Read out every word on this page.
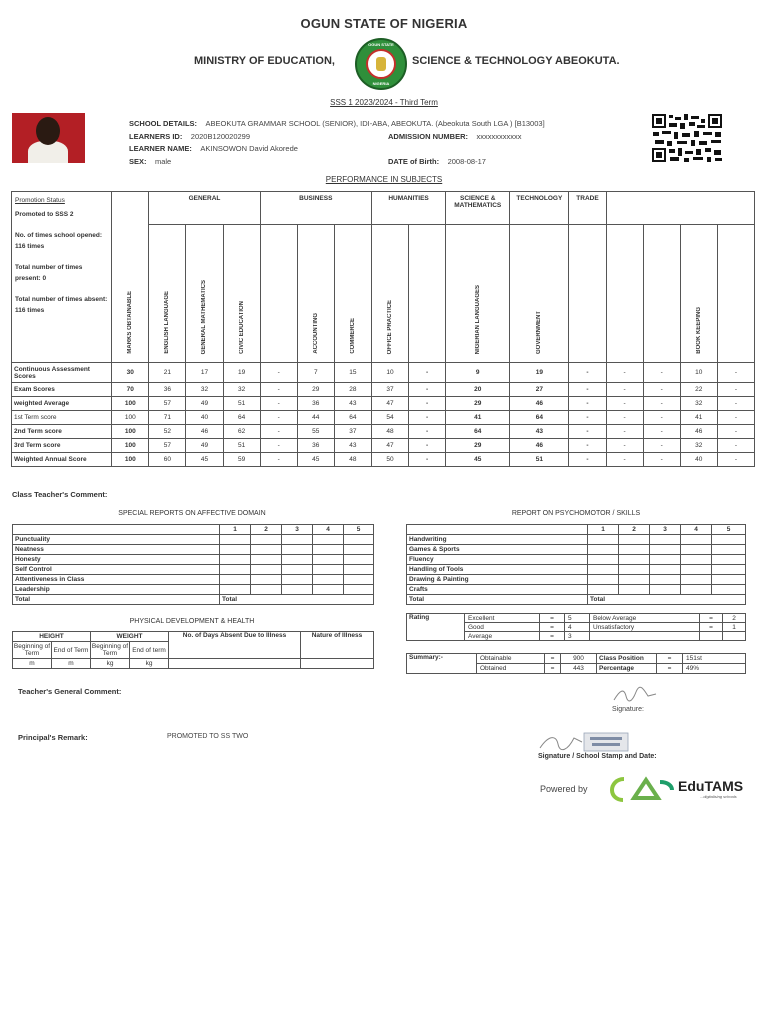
OGUN STATE OF NIGERIA
MINISTRY OF EDUCATION,
OGUN STATE
NIGERIA
SCIENCE & TECHNOLOGY ABEOKUTA.
SSS 1 2023/2024 - Third Term
SCHOOL DETAILS: ABEOKUTA GRAMMAR SCHOOL (SENIOR), IDI-ABA, ABEOKUTA. (Abeokuta South LGA ) [B13003]
LEARNERS ID: 2020B120020299	ADMISSION NUMBER: xxxxxxxxxxxx
LEARNER NAME: AKINSOWON David Akorede
SEX: male	DATE of Birth: 2008-08-17
PERFORMANCE IN SUBJECTS
Promotion Status
Promoted to SSS 2
No. of times school opened: 116 times
Total number of times present: 0
Total number of times absent: 116 times	MARKS OBTAINABLE	GENERAL			BUSINESS			HUMANITIES		SCIENCE & MATHEMATICS	TECHNOLOGY	TRADE				
		ENGLISH LANGUAGE	GENERAL MATHEMATICS	CIVIC EDUCATION		ACCOUNTING	COMMERCE	OFFICE PRACTICE		NIGERIAN LANGUAGES	GOVERNMENT				BOOK KEEPING	
Continuous Assessment Scores	30	21	17	19	-	7	15	10	-	9	19	-	-	-	10	-
Exam Scores	70	36	32	32	-	29	28	37	-	20	27	-	-	-	22	-
weighted Average	100	57	49	51	-	36	43	47	-	29	46	-	-	-	32	-
1st Term score	100	71	40	64	-	44	64	54	-	41	64	-	-	-	41	-
2nd Term score	100	52	46	62	-	55	37	48	-	64	43	-	-	-	46	-
3rd Term score	100	57	49	51	-	36	43	47	-	29	46	-	-	-	32	-
Weighted Annual Score	100	60	45	59	-	45	48	50	-	45	51	-	-	-	40	-
Class Teacher's Comment:
SPECIAL REPORTS ON AFFECTIVE DOMAIN
	1	2	3	4	5
Punctuality					
Neatness					
Honesty					
Self Control					
Attentiveness in Class					
Leadership					
Total	Total				
REPORT ON PSYCHOMOTOR / SKILLS
	1	2	3	4	5
Handwriting					
Games & Sports					
Fluency					
Handling of Tools					
Drawing & Painting					
Crafts					
Total	Total				
PHYSICAL DEVELOPMENT & HEALTH
HEIGHT		WEIGHT		No. of Days Absent Due to Illness	Nature of Illness
Beginning of Term	End of Term	Beginning of Term	End of term		
m	m	kg	kg		
Rating	Excellent	=	5	Below Average	=	2
	Good	=	4	Unsatisfactory	=	1
	Average	=	3			
Summary:-	Obtainable	=	900	Class Position	=	151st
	Obtained	=	443	Percentage	=	49%
Teacher's General Comment:
Signature:
Principal's Remark:	PROMOTED TO SS TWO
Signature / School Stamp and Date:
Powered by	EduTAMS
...digitalising schools
